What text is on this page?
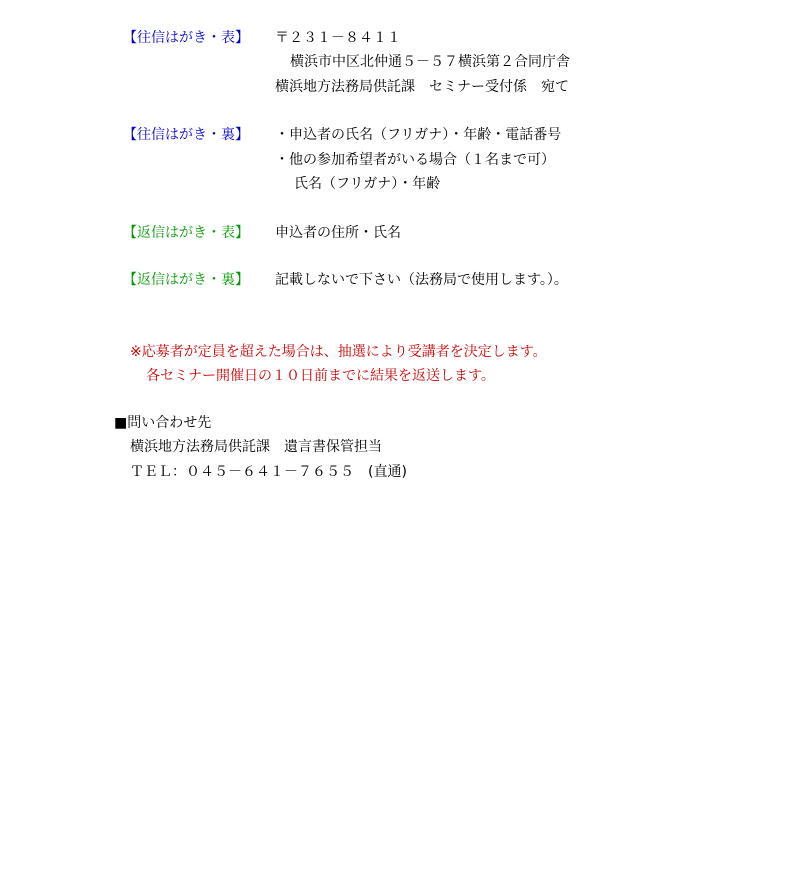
【往信はがき・表】 〒２３１－８４１１
横浜市中区北仲通５－５７横浜第２合同庁舎
横浜地方法務局供託課　セミナー受付係　宛て
【往信はがき・裏】 ・申込者の氏名（フリガナ）・年齢・電話番号
・他の参加希望者がいる場合（１名まで可）
氏名（フリガナ）・年齢
【返信はがき・表】 申込者の住所・氏名
【返信はがき・裏】 記載しないで下さい（法務局で使用します。）。
※応募者が定員を超えた場合は、抽選により受講者を決定します。
各セミナー開催日の１０日前までに結果を返送します。
■問い合わせ先
横浜地方法務局供託課　遺言書保管担当
ＴＥＬ：０４５－６４１－７６５５　(直通)
